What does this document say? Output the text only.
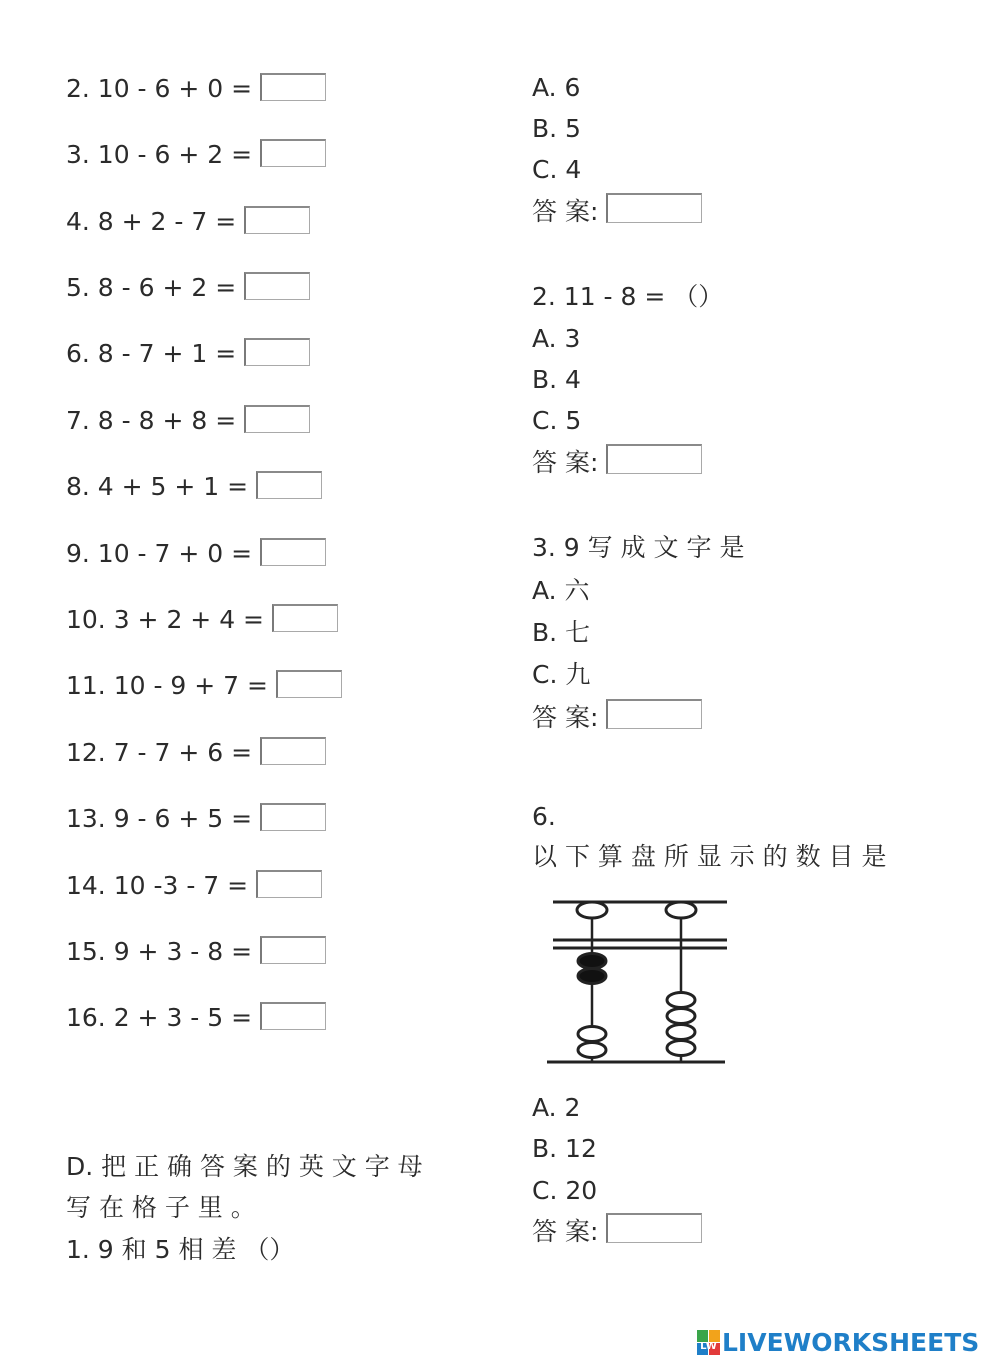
2. 10 - 6 + 0 =
3. 10 - 6 + 2 =
4. 8 + 2 - 7 =
5. 8 - 6 + 2 =
6. 8 - 7 + 1 =
7. 8 - 8 + 8 =
8. 4 + 5 + 1 =
9. 10 - 7 + 0 =
10. 3 + 2 + 4 =
11. 10 - 9 + 7 =
12. 7 - 7 + 6 =
13. 9 - 6 + 5 =
14. 10 -3 - 7 =
15. 9 + 3 - 8 =
16. 2 + 3 - 5 =
D. 把 正 确 答 案 的 英 文 字 母
写 在 格 子 里 。
1. 9 和 5 相 差 （）
A. 6
B. 5
C. 4
答 案:
2. 11 - 8 = （）
A. 3
B. 4
C. 5
答 案:
3. 9 写 成 文 字 是
A. 六
B. 七
C. 九
答 案:
6.
以 下 算 盘 所 显 示 的 数 目 是
A. 2
B. 12
C. 20
答 案:
LW LIVEWORKSHEETS
